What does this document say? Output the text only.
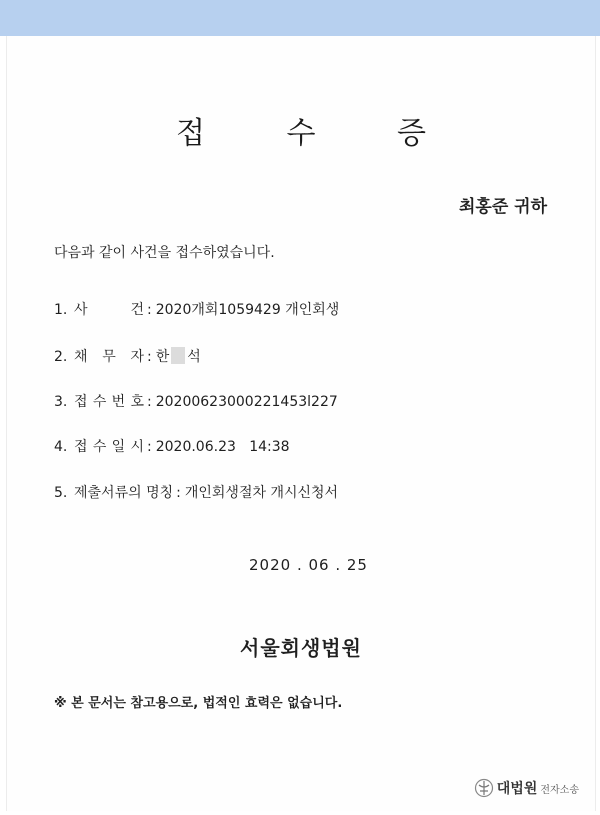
접 수 증
최홍준 귀하
다음과 같이 사건을 접수하였습니다.
1. 사 건 : 2020개회1059429 개인회생
2. 채 무 자 : 한 석
3. 접 수 번 호 : 20200623000221453l227
4. 접 수 일 시 : 2020.06.23   14:38
5. 제출서류의 명칭 : 개인회생절차 개시신청서
2020 . 06 . 25
서울회생법원
※ 본 문서는 참고용으로, 법적인 효력은 없습니다.
대법원 전자소송
